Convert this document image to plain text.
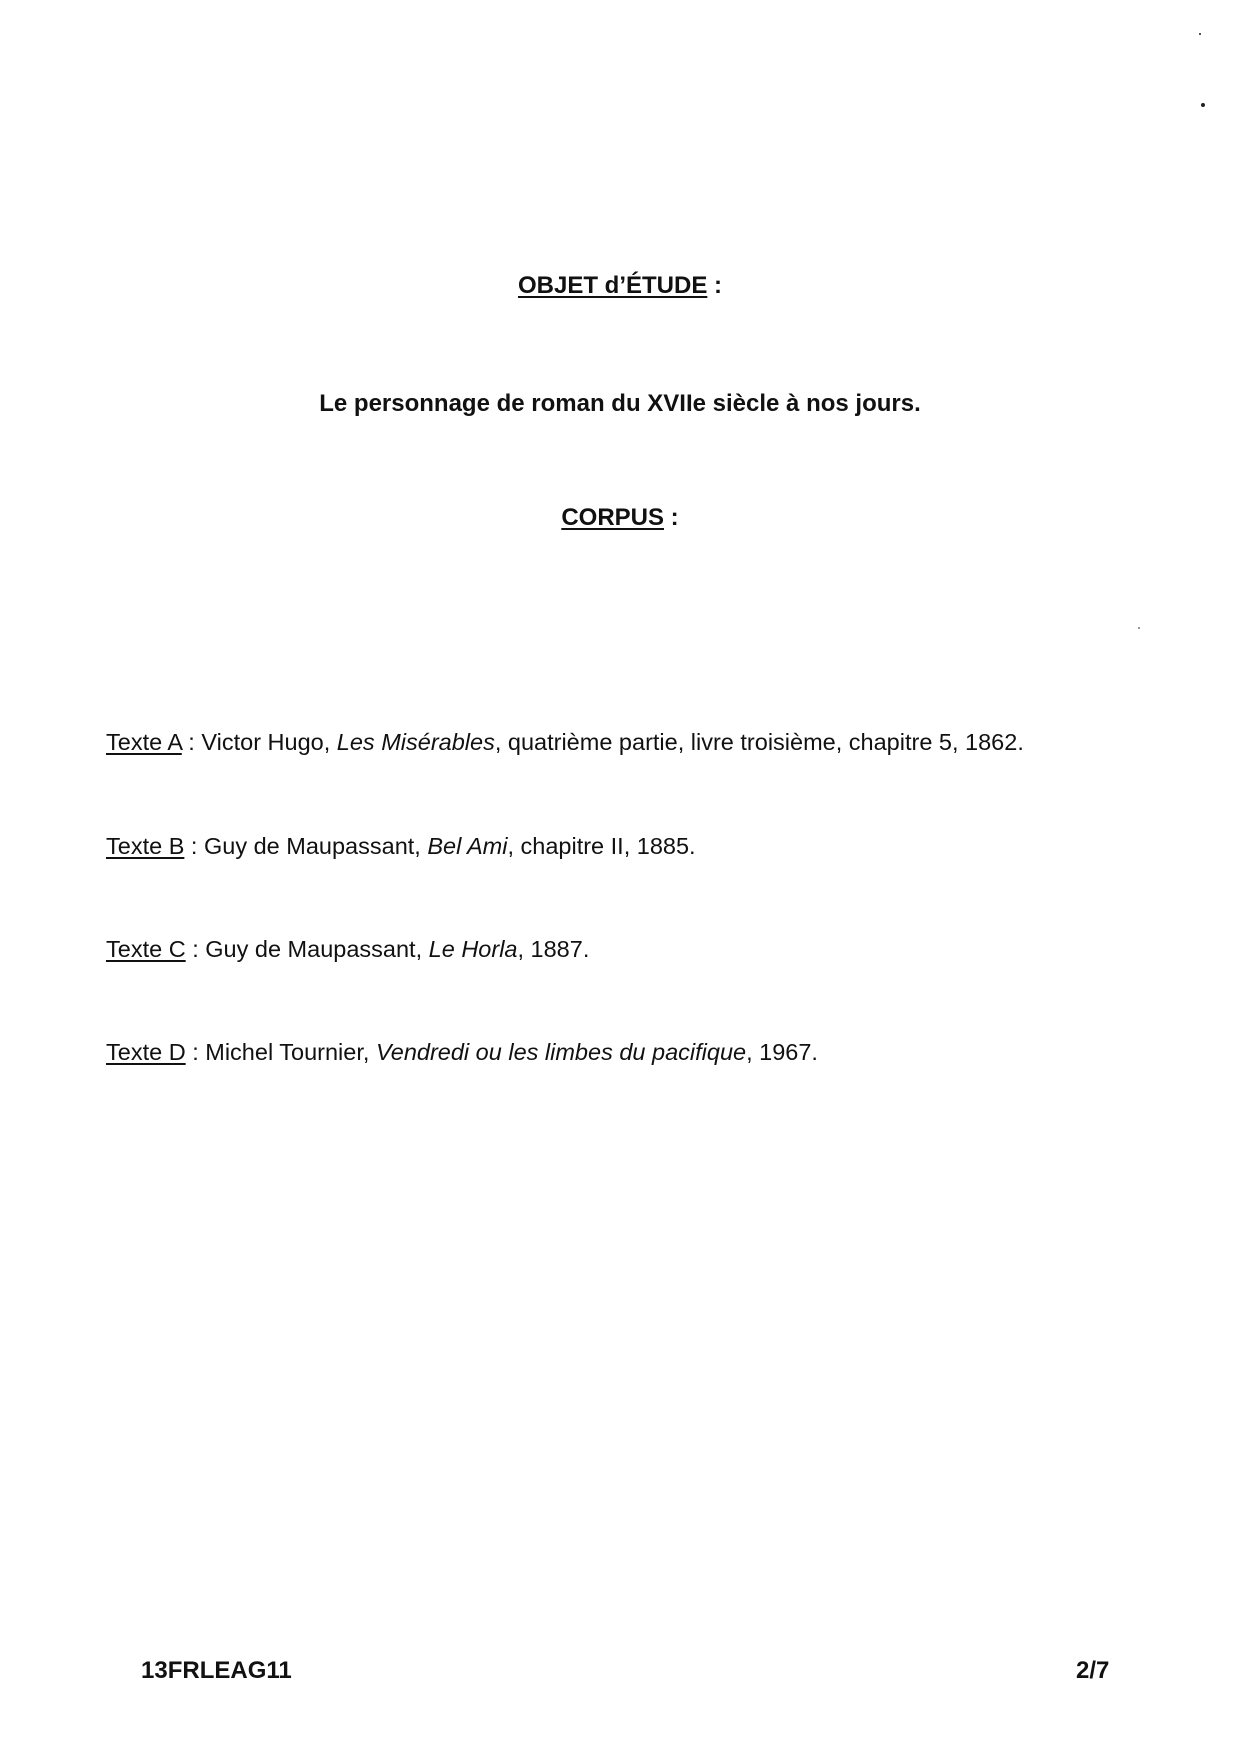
OBJET d’ÉTUDE :
Le personnage de roman du XVIIe siècle à nos jours.
CORPUS :
Texte A : Victor Hugo, Les Misérables, quatrième partie, livre troisième, chapitre 5, 1862.
Texte B : Guy de Maupassant, Bel Ami, chapitre II, 1885.
Texte C : Guy de Maupassant, Le Horla, 1887.
Texte D : Michel Tournier, Vendredi ou les limbes du pacifique, 1967.
13FRLEAG11	2/7
